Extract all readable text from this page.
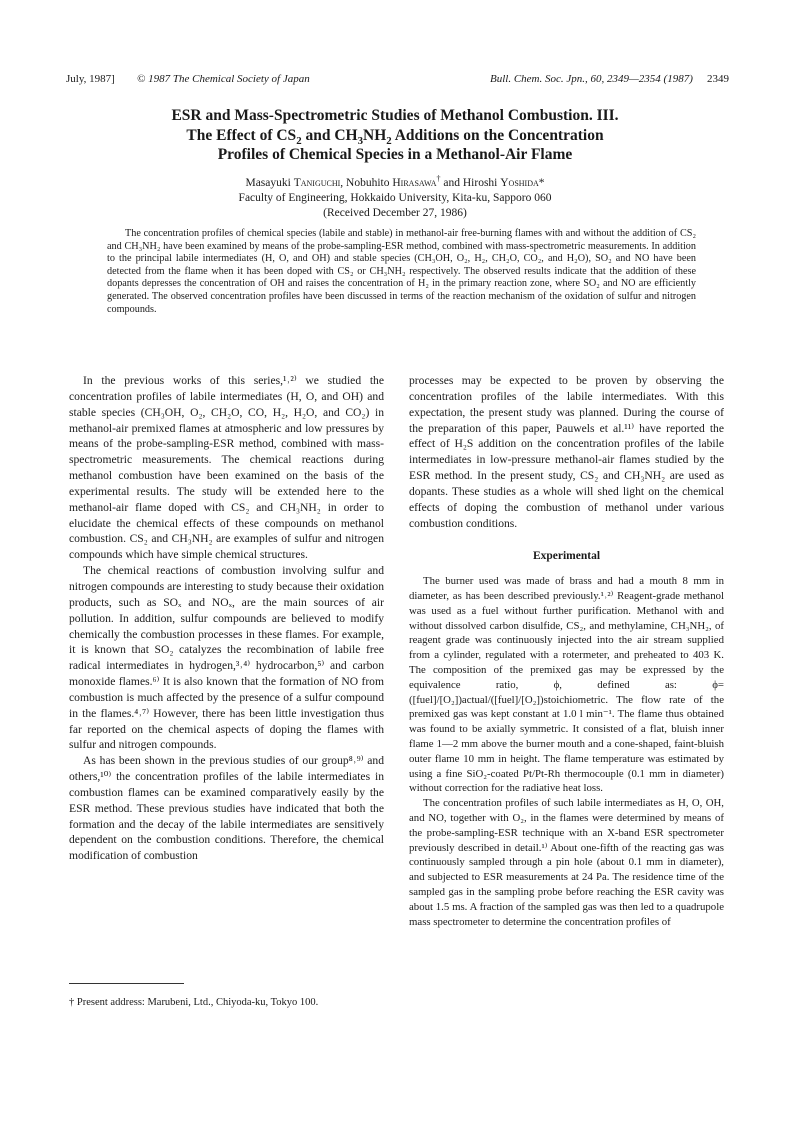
July, 1987] © 1987 The Chemical Society of Japan	Bull. Chem. Soc. Jpn., 60, 2349—2354 (1987) 2349
ESR and Mass-Spectrometric Studies of Methanol Combustion. III.
The Effect of $CS_2$ and $CH_3NH_2$ Additions on the Concentration
Profiles of Chemical Species in a Methanol-Air Flame
Masayuki Taniguchi, Nobuhito Hirasawa† and Hiroshi Yoshida*
Faculty of Engineering, Hokkaido University, Kita-ku, Sapporo 060
(Received December 27, 1986)

The concentration profiles of chemical species (labile and stable) in methanol-air free-burning flames with and without the addition of CS₂ and CH₃NH₂ have been examined by means of the probe-sampling-ESR method, combined with mass-spectrometric measurements. In addition to the principal labile intermediates (H, O, and OH) and stable species (CH₃OH, O₂, H₂, CH₂O, CO₂, and H₂O), SO₂ and NO have been detected from the flame when it has been doped with CS₂ or CH₃NH₂ respectively. The observed results indicate that the addition of these dopants depresses the concentration of OH and raises the concentration of H₂ in the primary reaction zone, where SO₂ and NO are efficiently generated. The observed concentration profiles have been discussed in terms of the reaction mechanism of the oxidation of sulfur and nitrogen compounds.

In the previous works of this series,¹˒²⁾ we studied the concentration profiles of labile intermediates (H, O, and OH) and stable species (CH₃OH, O₂, CH₂O, CO, H₂, H₂O, and CO₂) in methanol-air premixed flames at atmospheric and low pressures by means of the probe-sampling-ESR method, combined with mass-spectrometric measurements. The chemical reactions during methanol combustion have been examined on the basis of the experimental results. The study will be extended here to the methanol-air flame doped with CS₂ and CH₃NH₂ in order to elucidate the chemical effects of these compounds on methanol combustion. CS₂ and CH₃NH₂ are examples of sulfur and nitrogen compounds which have simple chemical structures.

The chemical reactions of combustion involving sulfur and nitrogen compounds are interesting to study because their oxidation products, such as SOₓ and NOₓ, are the main sources of air pollution. In addition, sulfur compounds are believed to modify chemically the combustion processes in these flames. For example, it is known that SO₂ catalyzes the recombination of labile free radical intermediates in hydrogen,³˒⁴⁾ hydrocarbon,⁵⁾ and carbon monoxide flames.⁶⁾ It is also known that the formation of NO from combustion is much affected by the presence of a sulfur compound in the flames.⁴˒⁷⁾ However, there has been little investigation thus far reported on the chemical aspects of doping the flames with sulfur and nitrogen compounds.

As has been shown in the previous studies of our group⁸˒⁹⁾ and others,¹⁰⁾ the concentration profiles of the labile intermediates in combustion flames can be examined comparatively easily by the ESR method. These previous studies have indicated that both the formation and the decay of the labile intermediates are sensitively dependent on the combustion conditions. Therefore, the chemical modification of combustion

processes may be expected to be proven by observing the concentration profiles of the labile intermediates. With this expectation, the present study was planned. During the course of the preparation of this paper, Pauwels et al.¹¹⁾ have reported the effect of H₂S addition on the concentration profiles of the labile intermediates in low-pressure methanol-air flames studied by the ESR method. In the present study, CS₂ and CH₃NH₂ are used as dopants. These studies as a whole will shed light on the chemical effects of doping the combustion of methanol under various combustion conditions.

Experimental

The burner used was made of brass and had a mouth 8 mm in diameter, as has been described previously.¹˒²⁾ Reagent-grade methanol was used as a fuel without further purification. Methanol with and without dissolved carbon disulfide, CS₂, and methylamine, CH₃NH₂, of reagent grade was continuously injected into the air stream supplied from a cylinder, regulated with a rotermeter, and preheated to 403 K. The composition of the premixed gas may be expressed by the equivalence ratio, ϕ, defined as: ϕ=([fuel]/[O₂])actual/([fuel]/[O₂])stoichiometric. The flow rate of the premixed gas was kept constant at 1.0 l min⁻¹. The flame thus obtained was found to be axially symmetric. It consisted of a flat, bluish inner flame 1—2 mm above the burner mouth and a cone-shaped, faint-bluish outer flame 10 mm in height. The flame temperature was estimated by using a fine SiO₂-coated Pt/Pt-Rh thermocouple (0.1 mm in diameter) without correction for the radiative heat loss.

The concentration profiles of such labile intermediates as H, O, OH, and NO, together with O₂, in the flames were determined by means of the probe-sampling-ESR technique with an X-band ESR spectrometer previously described in detail.¹⁾ About one-fifth of the reacting gas was continuously sampled through a pin hole (about 0.1 mm in diameter), and subjected to ESR measurements at 24 Pa. The residence time of the sampled gas in the sampling probe before reaching the ESR cavity was about 1.5 ms. A fraction of the sampled gas was then led to a quadrupole mass spectrometer to determine the concentration profiles of

† Present address: Marubeni, Ltd., Chiyoda-ku, Tokyo 100.
